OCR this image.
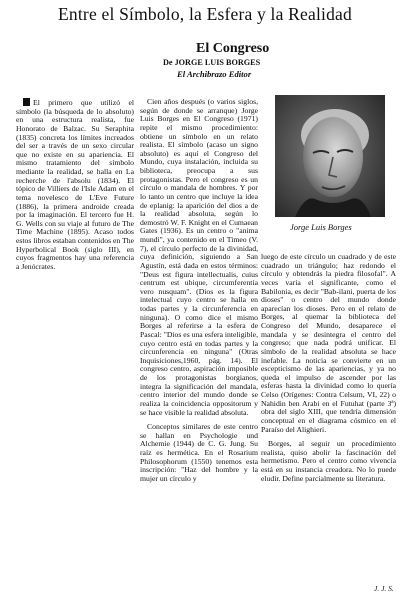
Entre el Símbolo, la Esfera y la Realidad
El Congreso
De JORGE LUIS BORGES
El Archibrazo Editor

El primero que utilizó el símbolo (la búsqueda de lo absoluto) en una estructura realista, fue Honorato de Balzac. Su Seraphita (1835) concreta los límites increados del ser a través de un sexo circular que no existe en su apariencia. El mismo tratamiento del símbolo mediante la realidad, se halla en La recherche de l'absolu (1834). El tópico de Villiers de l'Isle Adam en el tema novelesco de L'Eve Future (1886), la primera androide creada por la imaginación. El tercero fue H. G. Wells con su viaje al futuro de The Time Machine (1895). Acaso todos estos libros estaban contenidos en The Hyperbolical Book (siglo III), en cuyos fragmentos hay una referencia a Jenócrates.

Cien años después (o varios siglos, según de donde se arranque) Jorge Luis Borges en El Congreso (1971) repite el mismo procedimiento: obtiene un símbolo en un relato realista. El símbolo (acaso un signo absoluto) es aquí el Congreso del Mundo, cuya instalación, incluida su biblioteca, preocupa a sus protagonistas. Pero el congreso es un círculo o mandala de hombres. Y por lo tanto un centro que incluye la idea de eplanig: la aparición del dios a de la realidad absoluta, según lo demostró W. F. Knight en el Cumaean Gates (1936). Es un centro o "anima mundi", ya contenido en el Timeo (V. 7), el círculo perfecto de la divinidad, cuya definición, siguiendo a San Agustín, está dada en estos términos: "Deus est figura intellectualis, cuius centrum est ubique, circumferentia vero nusquam". (Dios es la figura intelectual cuyo centro se halla en todas partes y la circunferencia en ninguna). O como dice el mismo Borges al referirse a la esfera de Pascal: "Dios es una esfera inteligible, cuyo centro está en todas partes y la circunferencia en ninguna" (Otras Inquisiciones,1960, pág. 14). El congreso centro, aspiración imposible de los protagonistas borgianos, integra la significación del mandala, centro interior del mundo donde se realiza la coincidencia oppositorum y se hace visible la realidad absoluta.

Conceptos similares de este centro se hallan en Psychologie und Alchemie (1944) de C. G. Jung. Su raíz es hermética. En el Rosarium Philosophorum (1550) tenemos esta inscripción: "Haz del hombre y la mujer un círculo y

Jorge Luis Borges

luego de este círculo un cuadrado y de este cuadrado un triángulo; haz redondo el círculo y obtendrás la piedra filosofal". A veces varía el significante, como el Babilonia, es decir "Bab-ilani, puerta de los dioses" o centro del mundo donde aparecían los dioses. Pero en el relato de Borges, al quemar la biblioteca del Congreso del Mundo, desaparece el mandala y se desintegra el centro del congreso; que nada podrá unificar. El símbolo de la realidad absoluta se hace inefable. La noticia se convierte en un escepticismo de las apariencias, y ya no queda el impulso de ascender por las esferas hasta la divinidad como lo quería Celso (Orígenes: Contra Celsum, VI, 22) o Nahidin ben Arabi en el Futuhat (parte 3ª) obra del siglo XIII, que tendría dimensión conceptual en el diagrama cósmico en el Paraíso del Alighieri.

Borges, al seguir un procedimiento realista, quiso abolir la fascinación del hermetismo. Pero el centro como vivencia está en su instancia creadora. No lo puede eludir. Define parcialmente su literatura.

J. J. S.
